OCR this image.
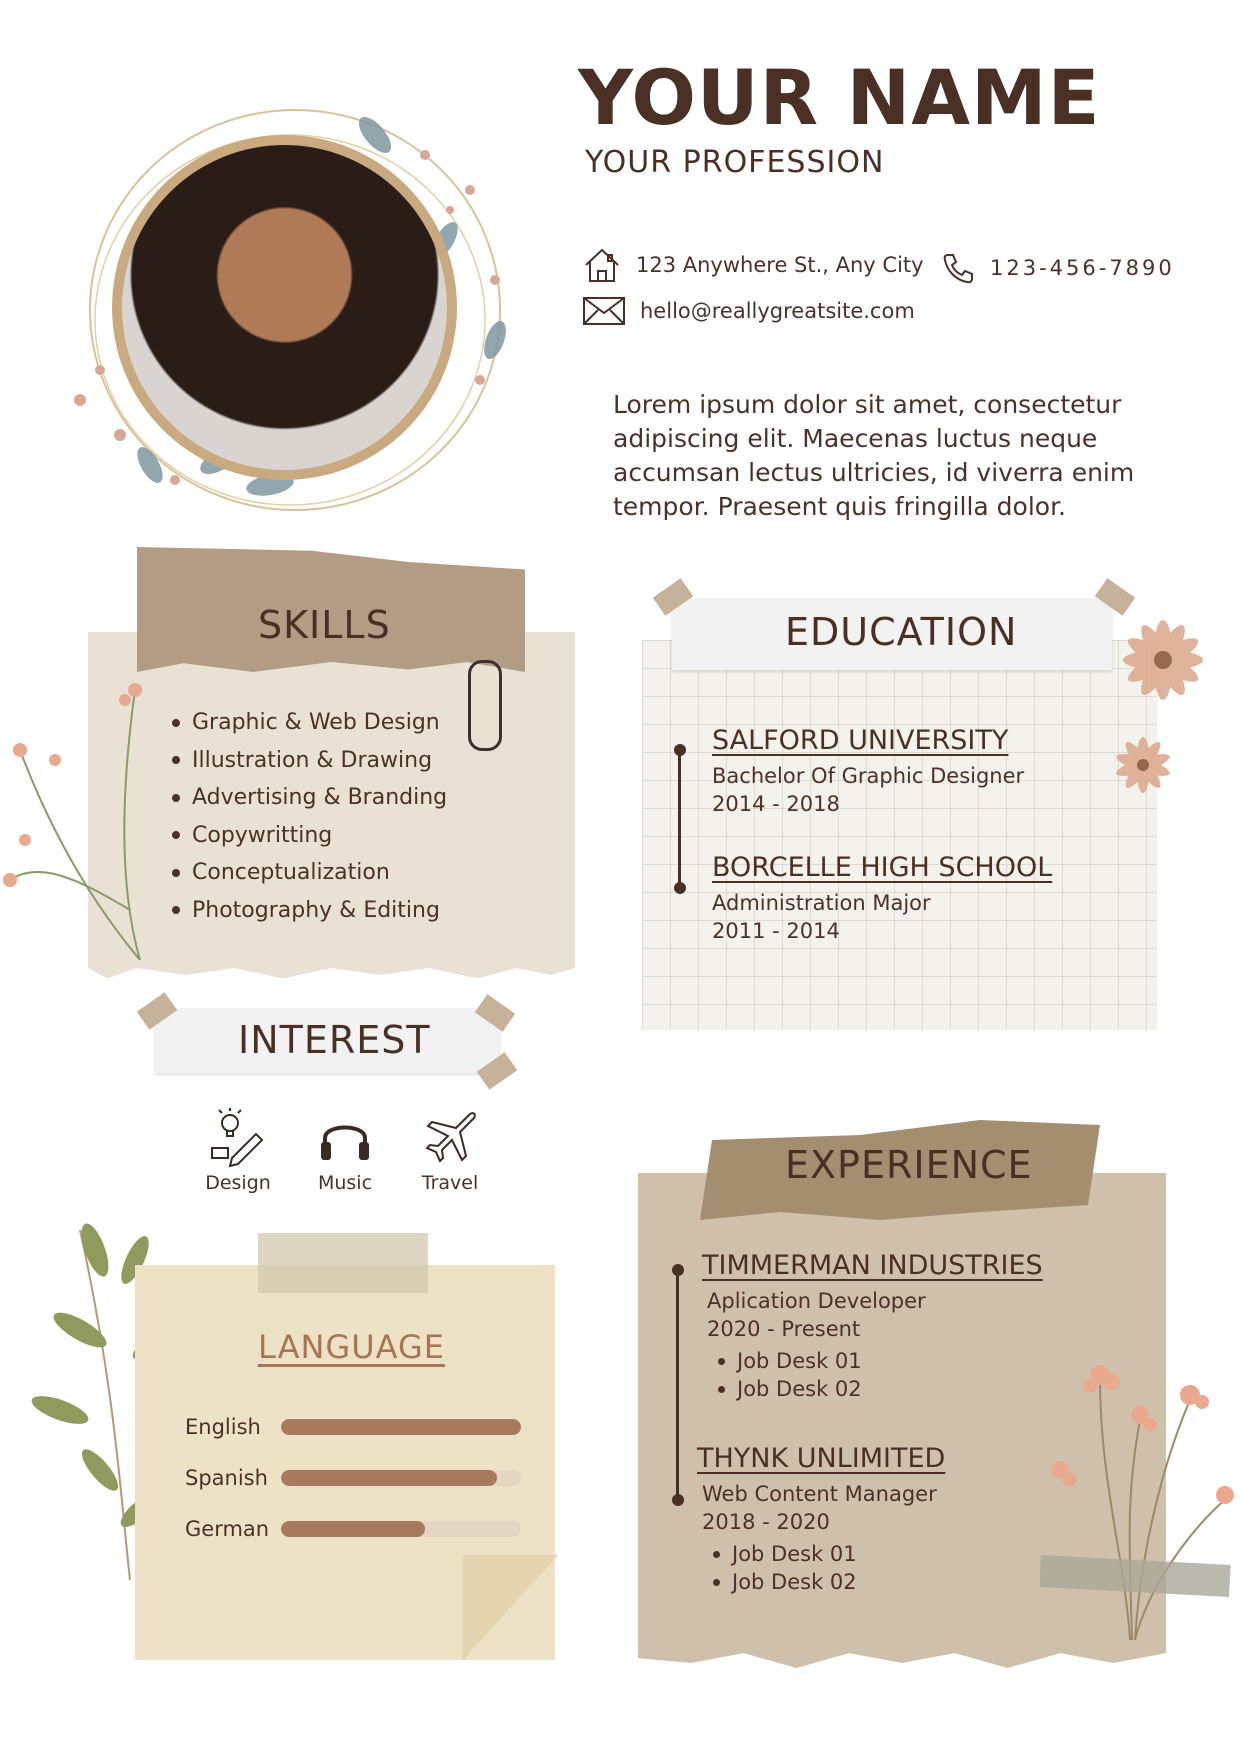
YOUR NAME
YOUR PROFESSION
123 Anywhere St., Any City	123-456-7890
hello@reallygreatsite.com
Lorem ipsum dolor sit amet, consectetur adipiscing elit. Maecenas luctus neque accumsan lectus ultricies, id viverra enim tempor. Praesent quis fringilla dolor.
SKILLS
Graphic & Web Design
Illustration & Drawing
Advertising & Branding
Copywritting
Conceptualization
Photography & Editing
INTEREST
Design	Music	Travel
LANGUAGE
English
Spanish
German
EDUCATION
SALFORD UNIVERSITY
Bachelor Of Graphic Designer
2014 - 2018
BORCELLE HIGH SCHOOL
Administration Major
2011 - 2014
EXPERIENCE
TIMMERMAN INDUSTRIES
Aplication Developer
2020 - Present
Job Desk 01
Job Desk 02
THYNK UNLIMITED
Web Content Manager
2018 - 2020
Job Desk 01
Job Desk 02
